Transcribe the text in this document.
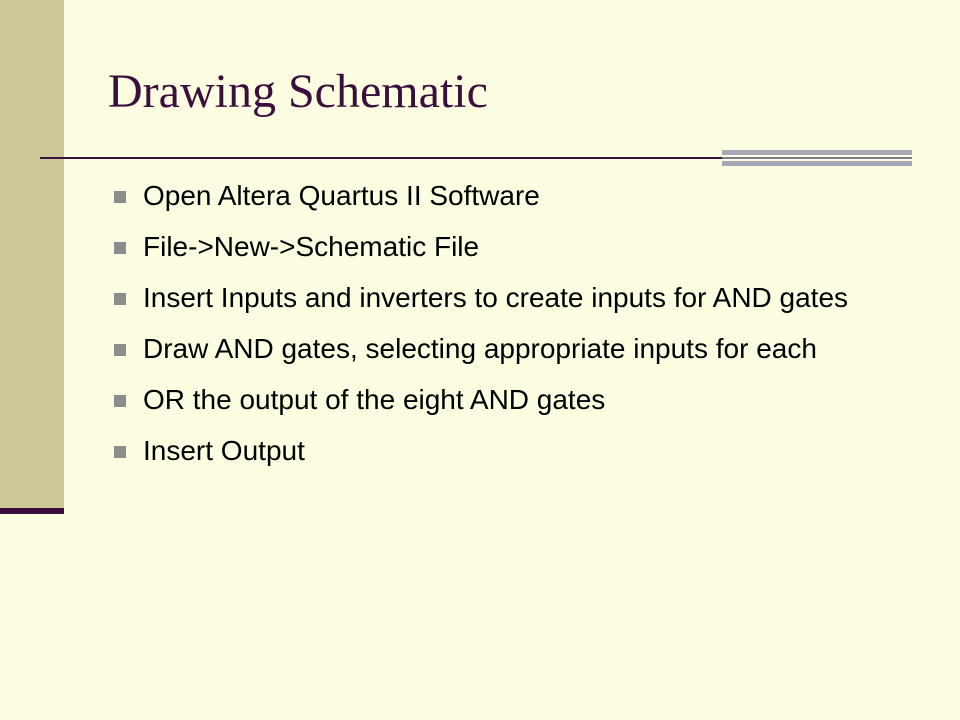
Drawing Schematic
Open Altera Quartus II Software
File->New->Schematic File
Insert Inputs and inverters to create inputs for AND gates
Draw AND gates, selecting appropriate inputs for each
OR the output of the eight AND gates
Insert Output
